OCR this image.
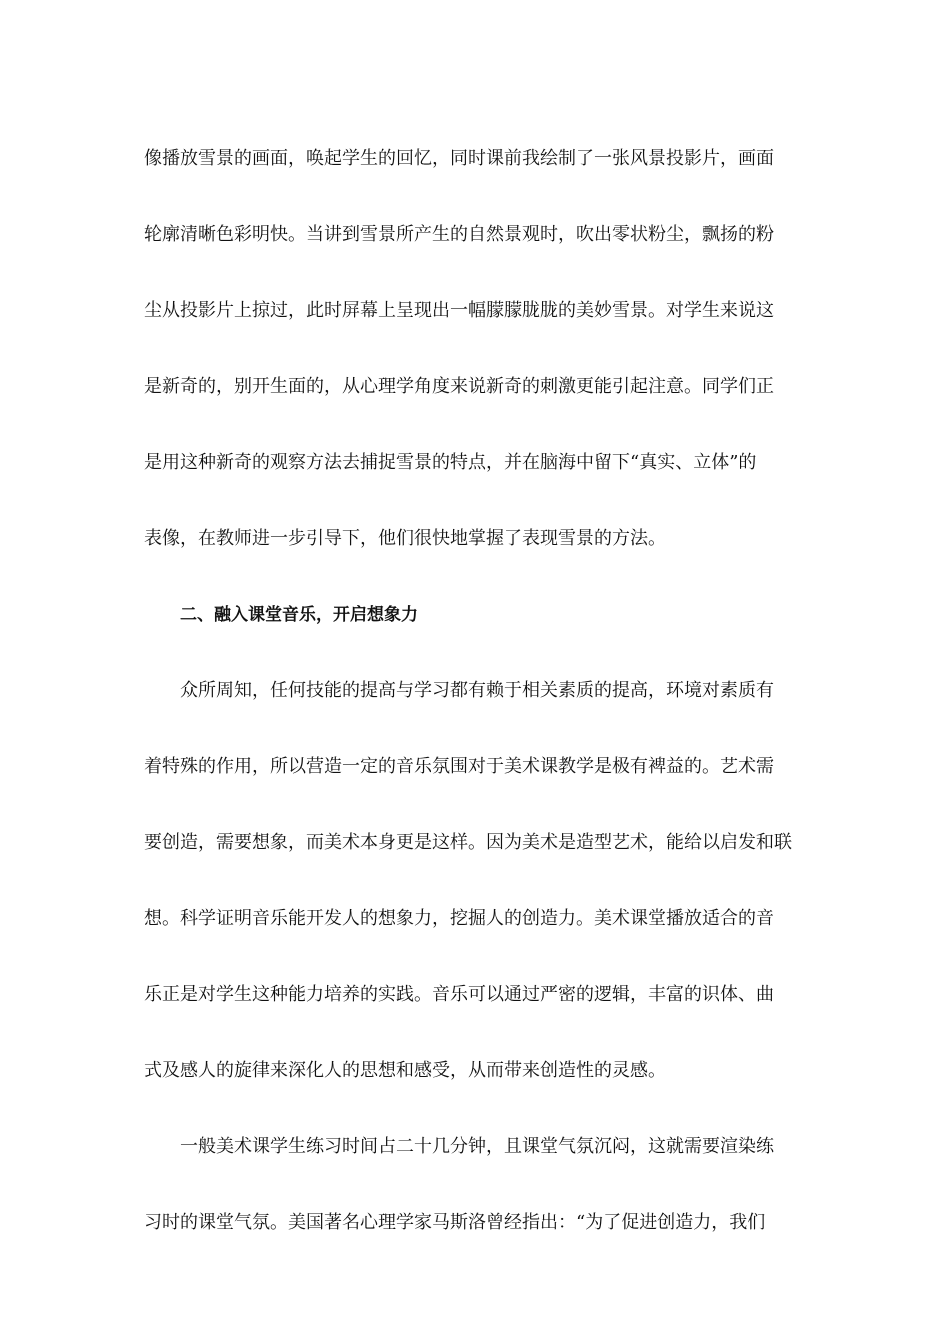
像播放雪景的画面，唤起学生的回忆，同时课前我绘制了一张风景投影片，画面
轮廓清晰色彩明快。当讲到雪景所产生的自然景观时，吹出零状粉尘，飘扬的粉
尘从投影片上掠过，此时屏幕上呈现出一幅朦朦胧胧的美妙雪景。对学生来说这
是新奇的，别开生面的，从心理学角度来说新奇的刺激更能引起注意。同学们正
是用这种新奇的观察方法去捕捉雪景的特点，并在脑海中留下“真实、立体”的
表像，在教师进一步引导下，他们很快地掌握了表现雪景的方法。
二、融入课堂音乐，开启想象力
众所周知，任何技能的提高与学习都有赖于相关素质的提高，环境对素质有
着特殊的作用，所以营造一定的音乐氛围对于美术课教学是极有裨益的。艺术需
要创造，需要想象，而美术本身更是这样。因为美术是造型艺术，能给以启发和联
想。科学证明音乐能开发人的想象力，挖掘人的创造力。美术课堂播放适合的音
乐正是对学生这种能力培养的实践。音乐可以通过严密的逻辑，丰富的识体、曲
式及感人的旋律来深化人的思想和感受，从而带来创造性的灵感。
一般美术课学生练习时间占二十几分钟，且课堂气氛沉闷，这就需要渲染练
习时的课堂气氛。美国著名心理学家马斯洛曾经指出：“为了促进创造力，我们
